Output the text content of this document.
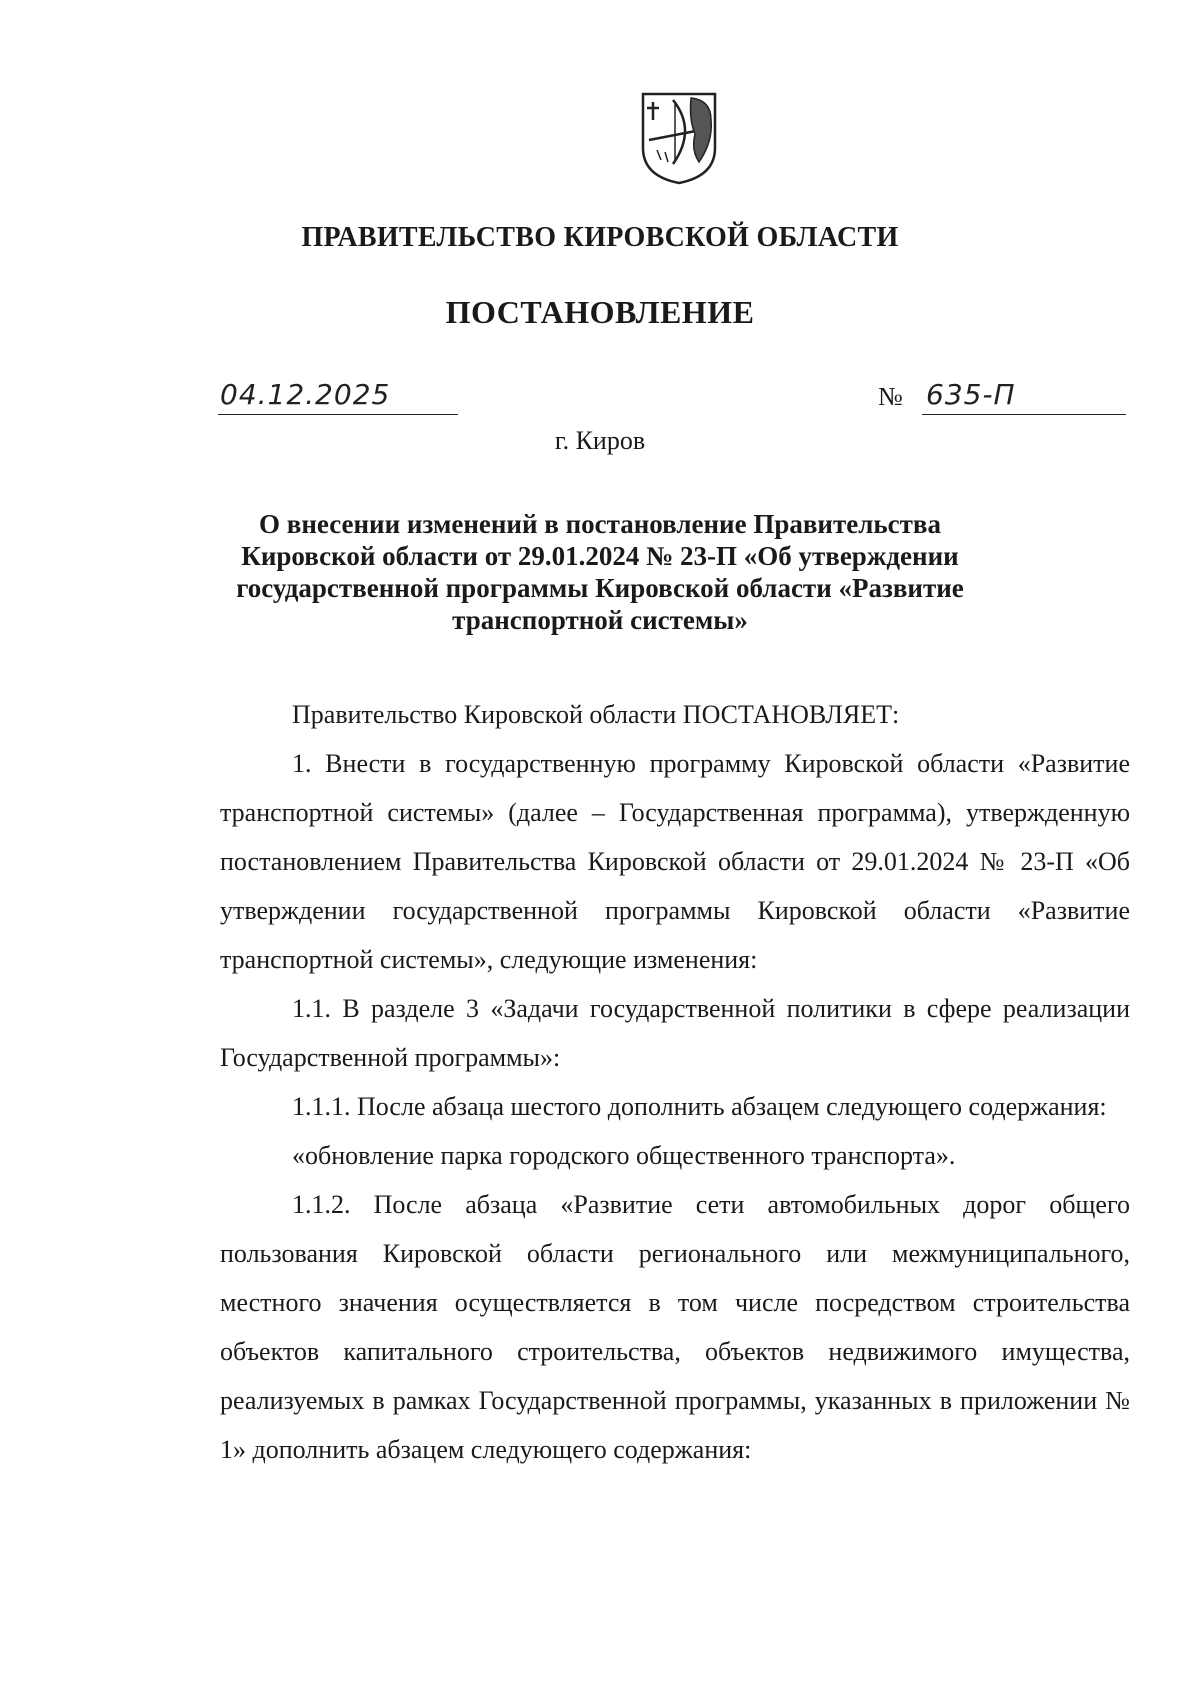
ПРАВИТЕЛЬСТВО КИРОВСКОЙ ОБЛАСТИ
ПОСТАНОВЛЕНИЕ
04.12.2025	№ 635-П
г. Киров
О внесении изменений в постановление Правительства
Кировской области от 29.01.2024 № 23-П «Об утверждении
государственной программы Кировской области «Развитие
транспортной системы»

Правительство Кировской области ПОСТАНОВЛЯЕТ:

1. Внести в государственную программу Кировской области «Развитие транспортной системы» (далее – Государственная программа), утвержденную постановлением Правительства Кировской области от 29.01.2024 № 23-П «Об утверждении государственной программы Кировской области «Развитие транспортной системы», следующие изменения:

1.1. В разделе 3 «Задачи государственной политики в сфере реализации Государственной программы»:

1.1.1. После абзаца шестого дополнить абзацем следующего содержания:

«обновление парка городского общественного транспорта».

1.1.2. После абзаца «Развитие сети автомобильных дорог общего пользования Кировской области регионального или межмуниципального, местного значения осуществляется в том числе посредством строительства объектов капитального строительства, объектов недвижимого имущества, реализуемых в рамках Государственной программы, указанных в приложении № 1» дополнить абзацем следующего содержания:
